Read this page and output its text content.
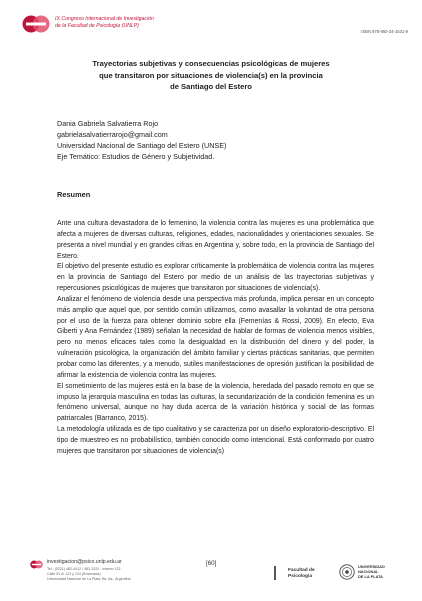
IX Congreso Internacional de Investigación
de la Facultad de Psicología (UNLP)
ISBN 978-950-34-1531-9
Trayectorias subjetivas y consecuencias psicológicas de mujeres
que transitaron por situaciones de violencia(s) en la provincia
de Santiago del Estero
Dania Gabriela Salvatierra Rojo
gabrielasalvatierrarojo@gmail.com
Universidad Nacional de Santiago del Estero (UNSE)
Eje Temático: Estudios de Género y Subjetividad.
Resumen

Ante una cultura devastadora de lo femenino, la violencia contra las mujeres es una problemática que afecta a mujeres de diversas culturas, religiones, edades, nacionalidades y orientaciones sexuales. Se presenta a nivel mundial y en grandes cifras en Argentina y, sobre todo, en la provincia de Santiago del Estero.

El objetivo del presente estudio es explorar críticamente la problemática de violencia contra las mujeres en la provincia de Santiago del Estero por medio de un análisis de las trayectorias subjetivas y repercusiones psicológicas de mujeres que transitaron por situaciones de violencia(s).

Analizar el fenómeno de violencia desde una perspectiva más profunda, implica pensar en un concepto más amplio que aquel que, por sentido común utilizamos, como avasallar la voluntad de otra persona por el uso de la fuerza para obtener dominio sobre ella (Femenías & Rossi, 2009). En efecto, Eva Giberti y Ana Fernández (1989) señalan la necesidad de hablar de formas de violencia menos visibles, pero no menos eficaces tales como la desigualdad en la distribución del dinero y del poder, la vulneración psicológica, la organización del ámbito familiar y ciertas prácticas sanitarias, que permiten probar como las diferentes, y a menudo, sutiles manifestaciones de opresión justifican la posibilidad de afirmar la existencia de violencia contra las mujeres.

El sometimiento de las mujeres está en la base de la violencia, heredada del pasado remoto en que se impuso la jerarquía masculina en todas las culturas, la secundarización de la condición femenina es un fenómeno universal, aunque no hay duda acerca de la variación histórica y social de las formas patriarcales (Barranco, 2015).

La metodología utilizada es de tipo cualitativo y se caracteriza por un diseño exploratorio-descriptivo. El tipo de muestreo es no probabilístico, también conocido como intencional. Está conformado por cuatro mujeres que transitaron por situaciones de violencia(s)

investigacion@psico.unlp.edu.ar
Tel.: (0221) 482-4412 / 483-3331 - interno 132
Calle 51 e/ 123 y 124 (Ensenada)
Universidad Nacional de La Plata, Bs. As., Argentina
[60]
Facultad de
Psicología
UNIVERSIDAD
NACIONAL
DE LA PLATA
